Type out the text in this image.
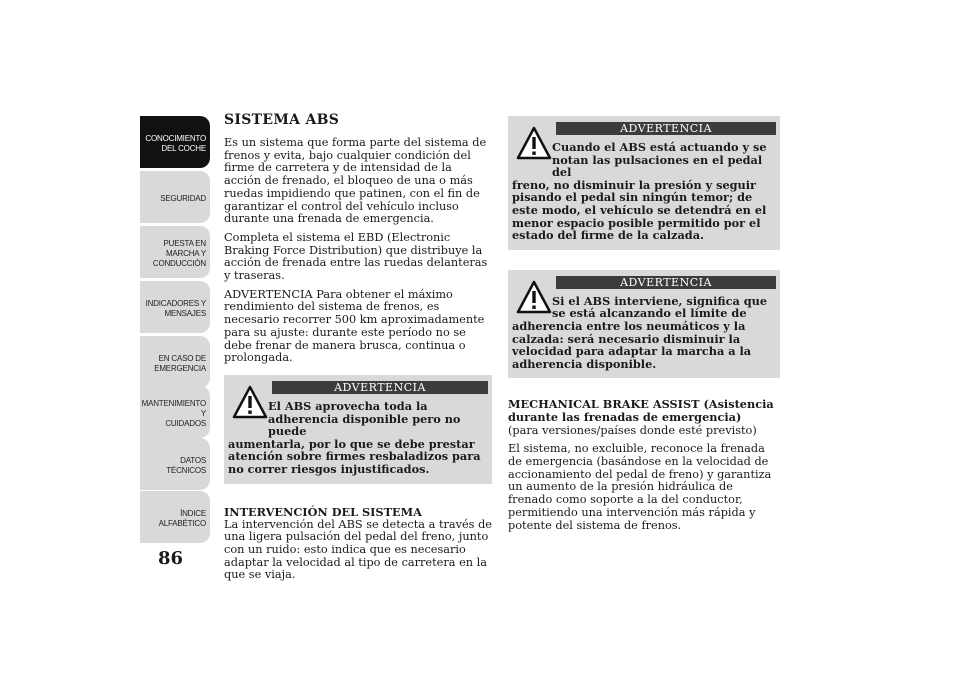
CONOCIMIENTO
DEL COCHE
SEGURIDAD
PUESTA EN
MARCHA Y
CONDUCCIÓN
INDICADORES Y
MENSAJES
EN CASO DE
EMERGENCIA
MANTENIMIENTO Y
CUIDADOS
DATOS TÉCNICOS
ÍNDICE
ALFABÉTICO
86
SISTEMA ABS

Es un sistema que forma parte del sistema de frenos y evita, bajo cualquier condición del firme de carretera y de intensidad de la acción de frenado, el bloqueo de una o más ruedas impidiendo que patinen, con el fin de garantizar el control del vehículo incluso durante una frenada de emergencia.

Completa el sistema el EBD (Electronic Braking Force Distribution) que distribuye la acción de frenada entre las ruedas delanteras y traseras.

ADVERTENCIA Para obtener el máximo rendimiento del sistema de frenos, es necesario recorrer 500 km aproximadamente para su ajuste: durante este período no se debe frenar de manera brusca, continua o prolongada.

ADVERTENCIA
El ABS aprovecha toda la adherencia disponible pero no puede
aumentarla, por lo que se debe prestar atención sobre firmes resbaladizos para no correr riesgos injustificados.
INTERVENCIÓN DEL SISTEMA

La intervención del ABS se detecta a través de una ligera pulsación del pedal del freno, junto con un ruido: esto indica que es necesario adaptar la velocidad al tipo de carretera en la que se viaja.

ADVERTENCIA
Cuando el ABS está actuando y se notan las pulsaciones en el pedal del
freno, no disminuir la presión y seguir pisando el pedal sin ningún temor; de este modo, el vehículo se detendrá en el menor espacio posible permitido por el estado del firme de la calzada.
ADVERTENCIA
Si el ABS interviene, significa que se está alcanzando el límite de
adherencia entre los neumáticos y la calzada: será necesario disminuir la velocidad para adaptar la marcha a la adherencia disponible.
MECHANICAL BRAKE ASSIST (Asistencia durante las frenadas de emergencia)
(para versiones/países donde esté previsto)

El sistema, no excluible, reconoce la frenada de emergencia (basándose en la velocidad de accionamiento del pedal de freno) y garantiza un aumento de la presión hidráulica de frenado como soporte a la del conductor, permitiendo una intervención más rápida y potente del sistema de frenos.
